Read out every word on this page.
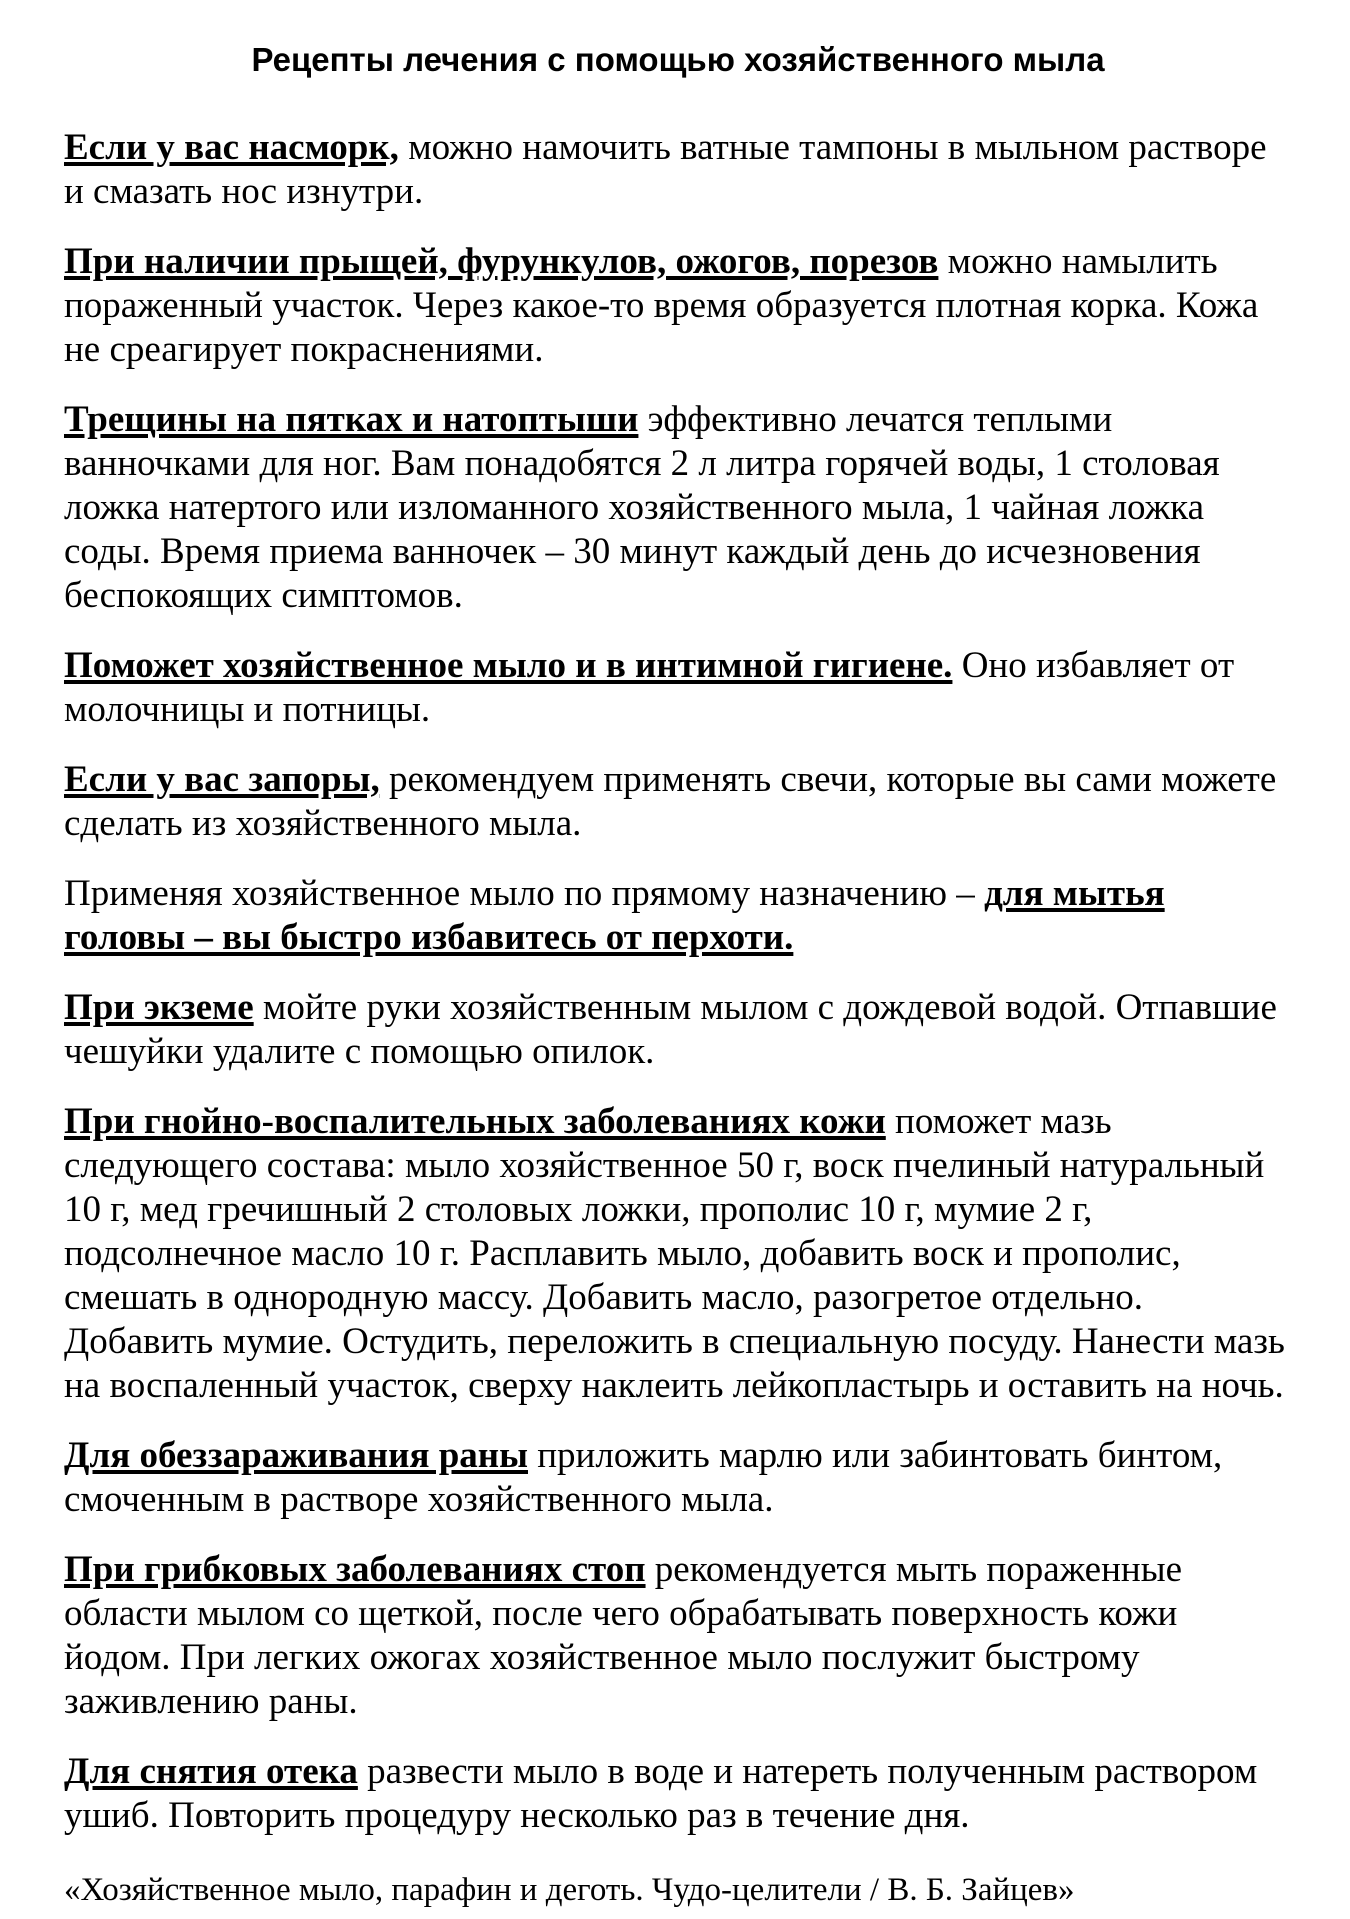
Рецепты лечения с помощью хозяйственного мыла

Если у вас насморк, можно намочить ватные тампоны в мыльном растворе и смазать нос изнутри.

При наличии прыщей, фурункулов, ожогов, порезов можно намылить пораженный участок. Через какое-то время образуется плотная корка. Кожа не среагирует покраснениями.

Трещины на пятках и натоптыши эффективно лечатся теплыми ванночками для ног. Вам понадобятся 2 л литра горячей воды, 1 столовая ложка натертого или изломанного хозяйственного мыла, 1 чайная ложка соды. Время приема ванночек – 30 минут каждый день до исчезновения беспокоящих симптомов.

Поможет хозяйственное мыло и в интимной гигиене. Оно избавляет от молочницы и потницы.

Если у вас запоры, рекомендуем применять свечи, которые вы сами можете сделать из хозяйственного мыла.

Применяя хозяйственное мыло по прямому назначению – для мытья головы – вы быстро избавитесь от перхоти.

При экземе мойте руки хозяйственным мылом с дождевой водой. Отпавшие чешуйки удалите с помощью опилок.

При гнойно-воспалительных заболеваниях кожи поможет мазь следующего состава: мыло хозяйственное 50 г, воск пчелиный натуральный 10 г, мед гречишный 2 столовых ложки, прополис 10 г, мумие 2 г, подсолнечное масло 10 г. Расплавить мыло, добавить воск и прополис, смешать в однородную массу. Добавить масло, разогретое отдельно. Добавить мумие. Остудить, переложить в специальную посуду. Нанести мазь на воспаленный участок, сверху наклеить лейкопластырь и оставить на ночь.

Для обеззараживания раны приложить марлю или забинтовать бинтом, смоченным в растворе хозяйственного мыла.

При грибковых заболеваниях стоп рекомендуется мыть пораженные области мылом со щеткой, после чего обрабатывать поверхность кожи йодом. При легких ожогах хозяйственное мыло послужит быстрому заживлению раны.

Для снятия отека развести мыло в воде и натереть полученным раствором ушиб. Повторить процедуру несколько раз в течение дня.

«Хозяйственное мыло, парафин и деготь. Чудо-целители / В. Б. Зайцев»
